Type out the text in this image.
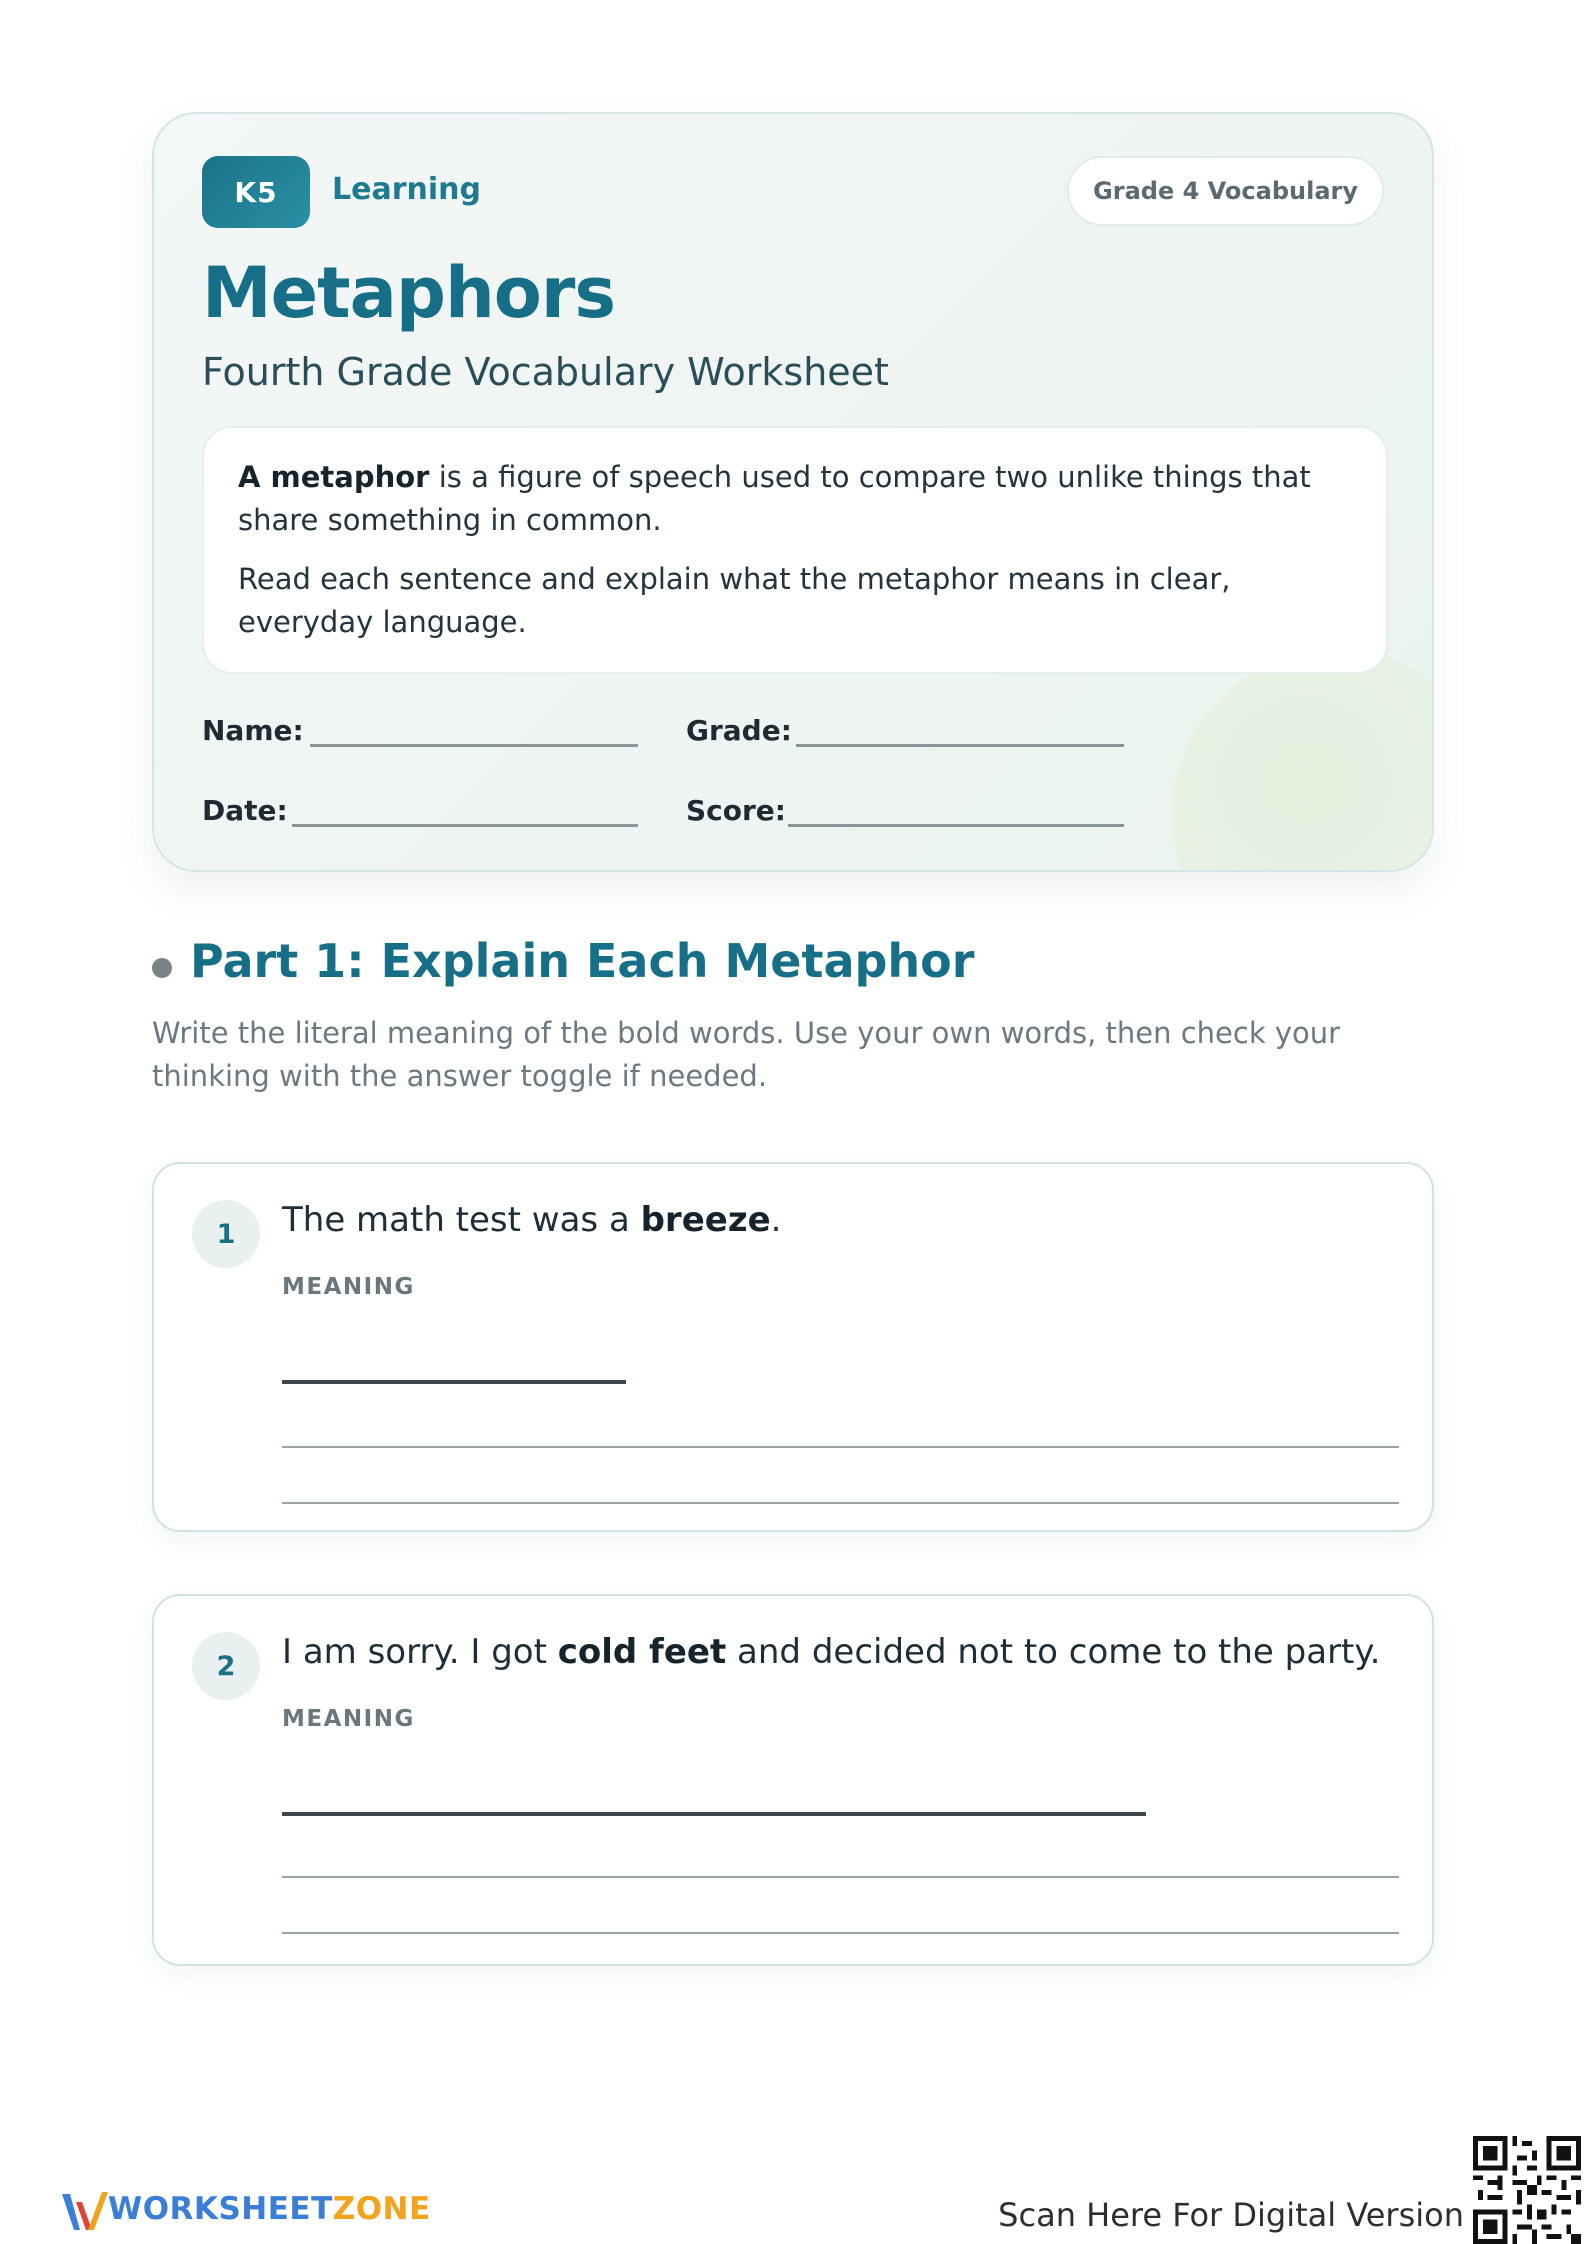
K5	Learning	Grade 4 Vocabulary
Metaphors
Fourth Grade Vocabulary Worksheet

A metaphor is a figure of speech used to compare two unlike things that share something in common.

Read each sentence and explain what the metaphor means in clear, everyday language.

Name:	Grade:
Date:	Score:
Part 1: Explain Each Metaphor
Write the literal meaning of the bold words. Use your own words, then check your thinking with the answer toggle if needed.
1	The math test was a breeze.
MEANING
2	I am sorry. I got cold feet and decided not to come to the party.
MEANING
WORKSHEETZONE	Scan Here For Digital Version
